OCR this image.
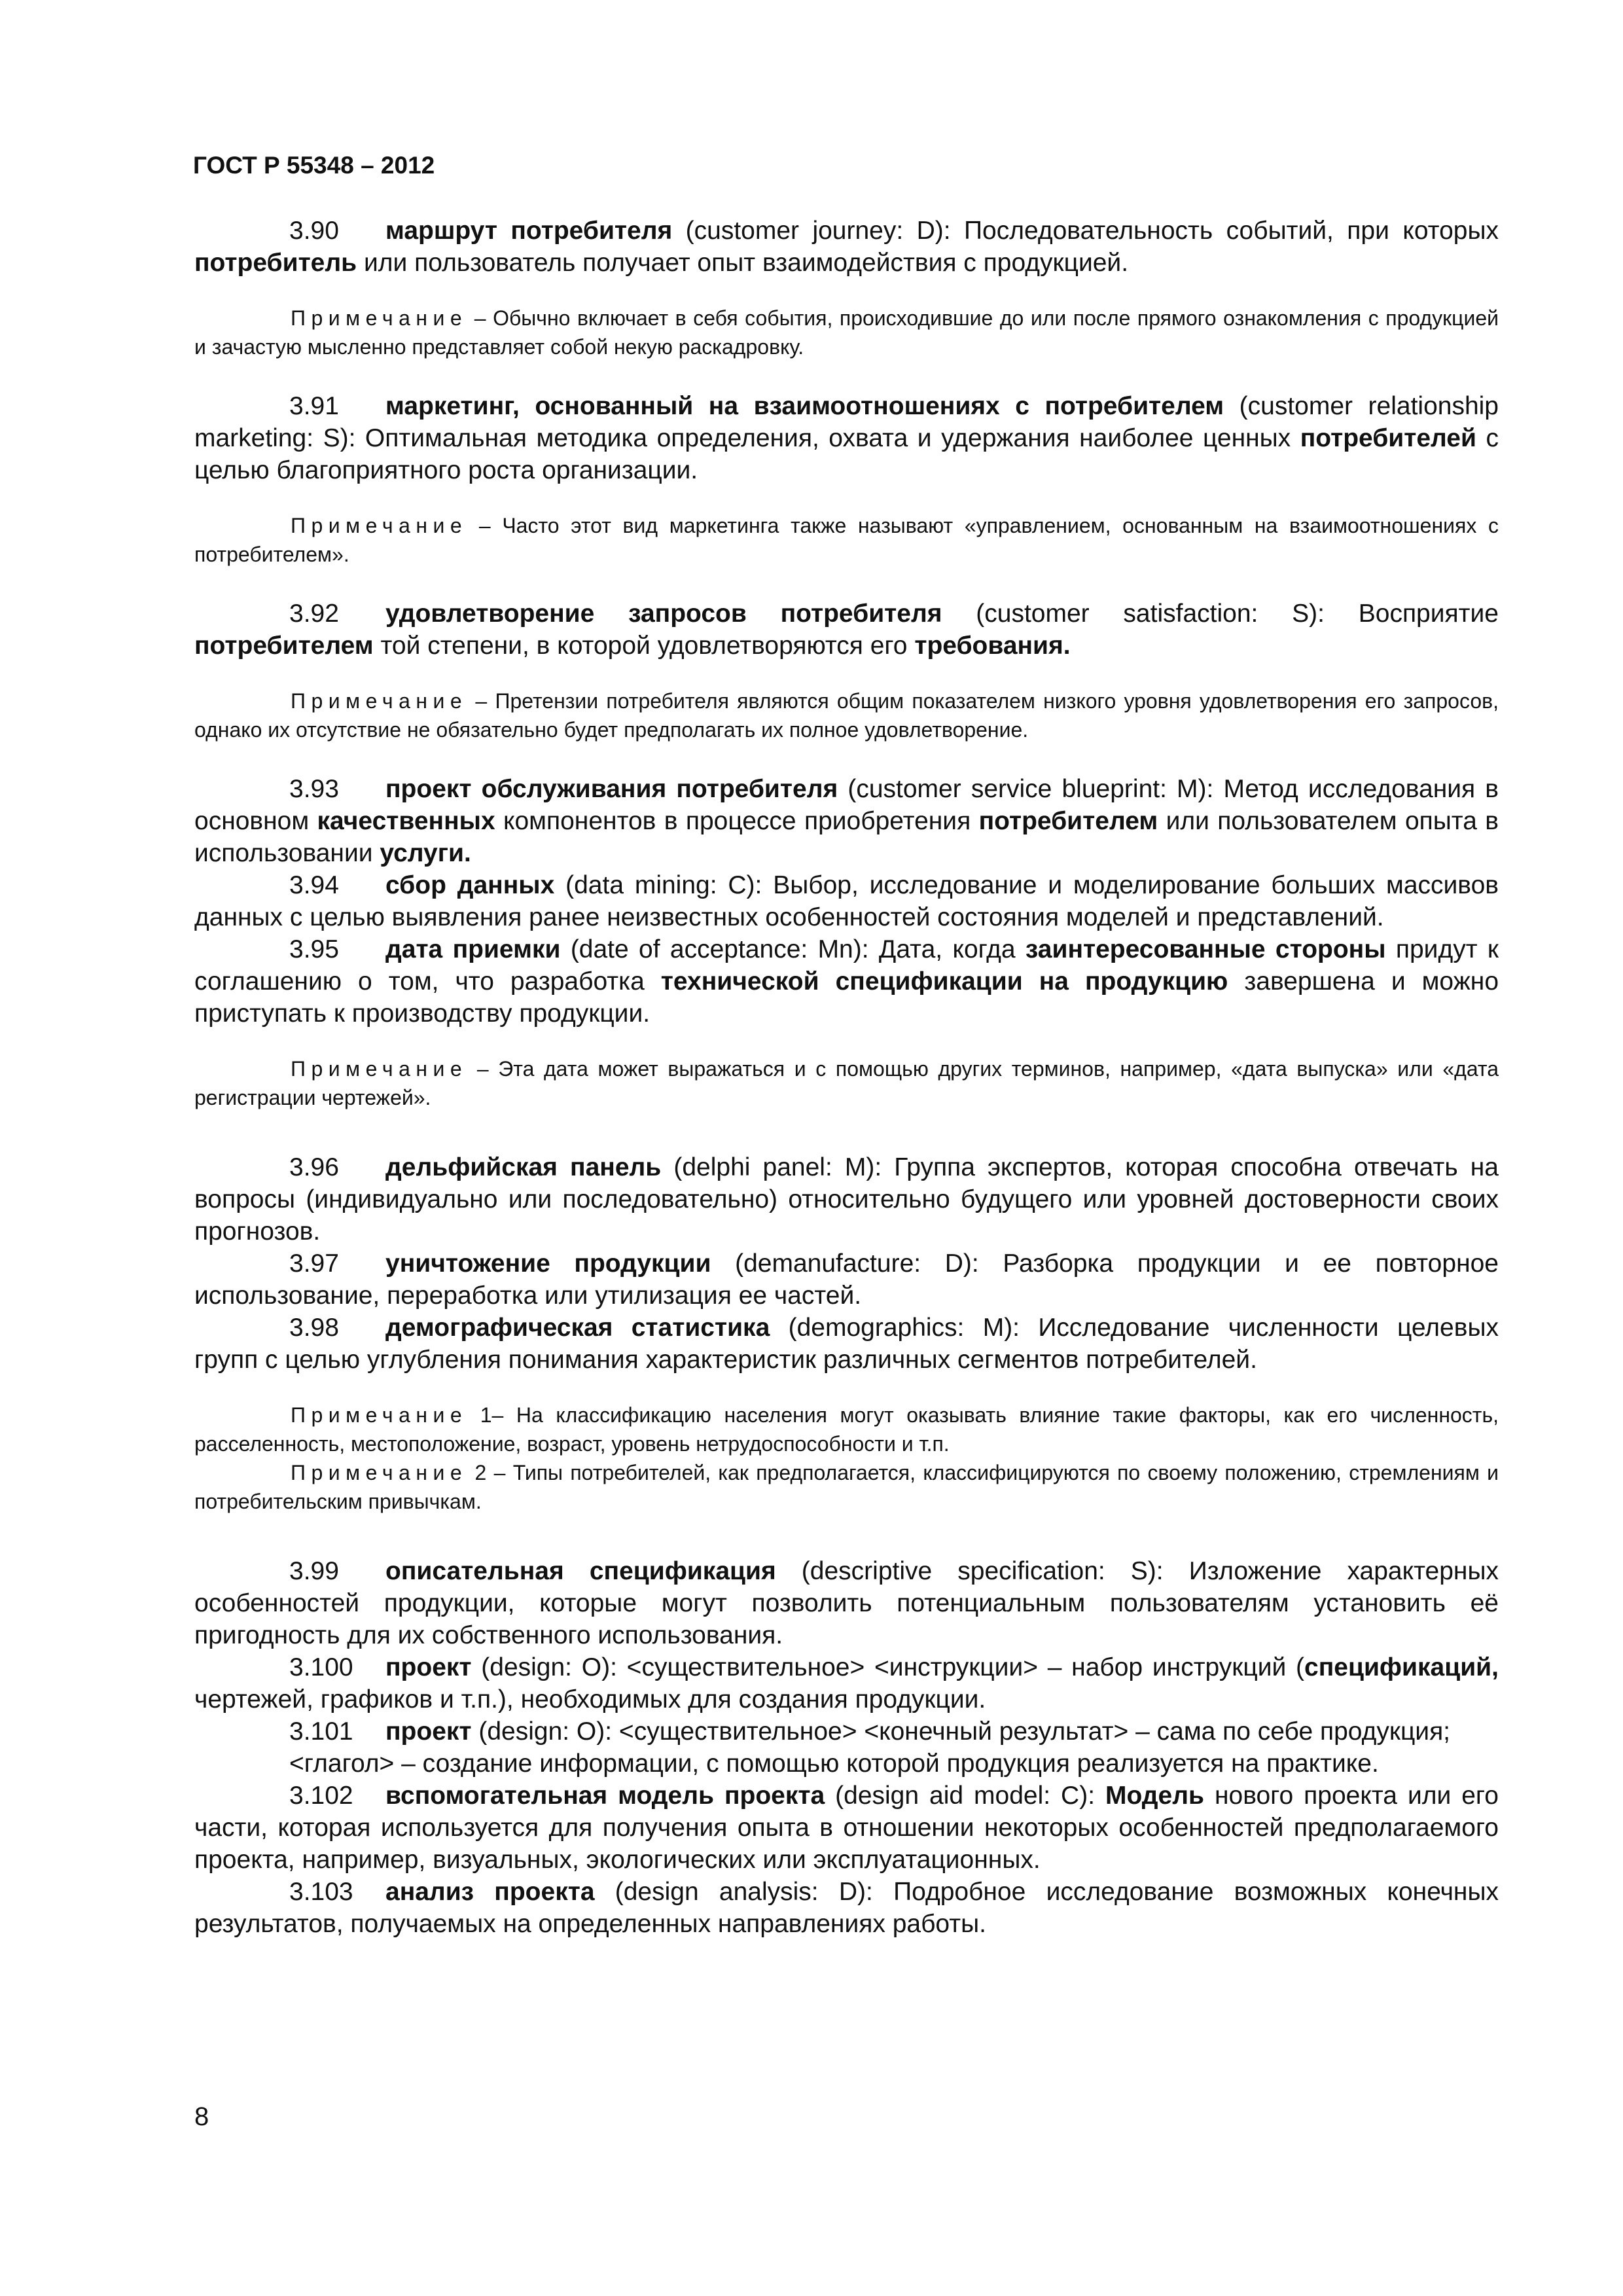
ГОСТ Р 55348 – 2012

3.90 маршрут потребителя (customer journey: D): Последовательность событий, при которых потребитель или пользователь получает опыт взаимодействия с продукцией.

Примечание – Обычно включает в себя события, происходившие до или после прямого ознакомления с продукцией и зачастую мысленно представляет собой некую раскадровку.

3.91 маркетинг, основанный на взаимоотношениях с потребителем (customer relationship marketing: S): Оптимальная методика определения, охвата и удержания наиболее ценных потребителей с целью благоприятного роста организации.

Примечание – Часто этот вид маркетинга также называют «управлением, основанным на взаимоотношениях с потребителем».

3.92 удовлетворение запросов потребителя (customer satisfaction: S): Восприятие потребителем той степени, в которой удовлетворяются его требования.

Примечание – Претензии потребителя являются общим показателем низкого уровня удовлетворения его запросов, однако их отсутствие не обязательно будет предполагать их полное удовлетворение.

3.93 проект обслуживания потребителя (customer service blueprint: M): Метод исследования в основном качественных компонентов в процессе приобретения потребителем или пользователем опыта в использовании услуги.

3.94 сбор данных (data mining: C): Выбор, исследование и моделирование больших массивов данных с целью выявления ранее неизвестных особенностей состояния моделей и представлений.

3.95 дата приемки (date of acceptance: Mn): Дата, когда заинтересованные стороны придут к соглашению о том, что разработка технической спецификации на продукцию завершена и можно приступать к производству продукции.

Примечание – Эта дата может выражаться и с помощью других терминов, например, «дата выпуска» или «дата регистрации чертежей».

3.96 дельфийская панель (delphi panel: M): Группа экспертов, которая способна отвечать на вопросы (индивидуально или последовательно) относительно будущего или уровней достоверности своих прогнозов.

3.97 уничтожение продукции (demanufacture: D): Разборка продукции и ее повторное использование, переработка или утилизация ее частей.

3.98 демографическая статистика (demographics: M): Исследование численности целевых групп с целью углубления понимания характеристик различных сегментов потребителей.

Примечание 1– На классификацию населения могут оказывать влияние такие факторы, как его численность, расселенность, местоположение, возраст, уровень нетрудоспособности и т.п.

Примечание 2 – Типы потребителей, как предполагается, классифицируются по своему положению, стремлениям и потребительским привычкам.

3.99 описательная спецификация (descriptive specification: S): Изложение характерных особенностей продукции, которые могут позволить потенциальным пользователям установить её пригодность для их собственного использования.

3.100 проект (design: O): <существительное> <инструкции> – набор инструкций (спецификаций, чертежей, графиков и т.п.), необходимых для создания продукции.

3.101 проект (design: O): <существительное> <конечный результат> – сама по себе продукция;

<глагол> – создание информации, с помощью которой продукция реализуется на практике.

3.102 вспомогательная модель проекта (design aid model: C): Модель нового проекта или его части, которая используется для получения опыта в отношении некоторых особенностей предполагаемого проекта, например, визуальных, экологических или эксплуатационных.

3.103 анализ проекта (design analysis: D): Подробное исследование возможных конечных результатов, получаемых на определенных направлениях работы.

8
